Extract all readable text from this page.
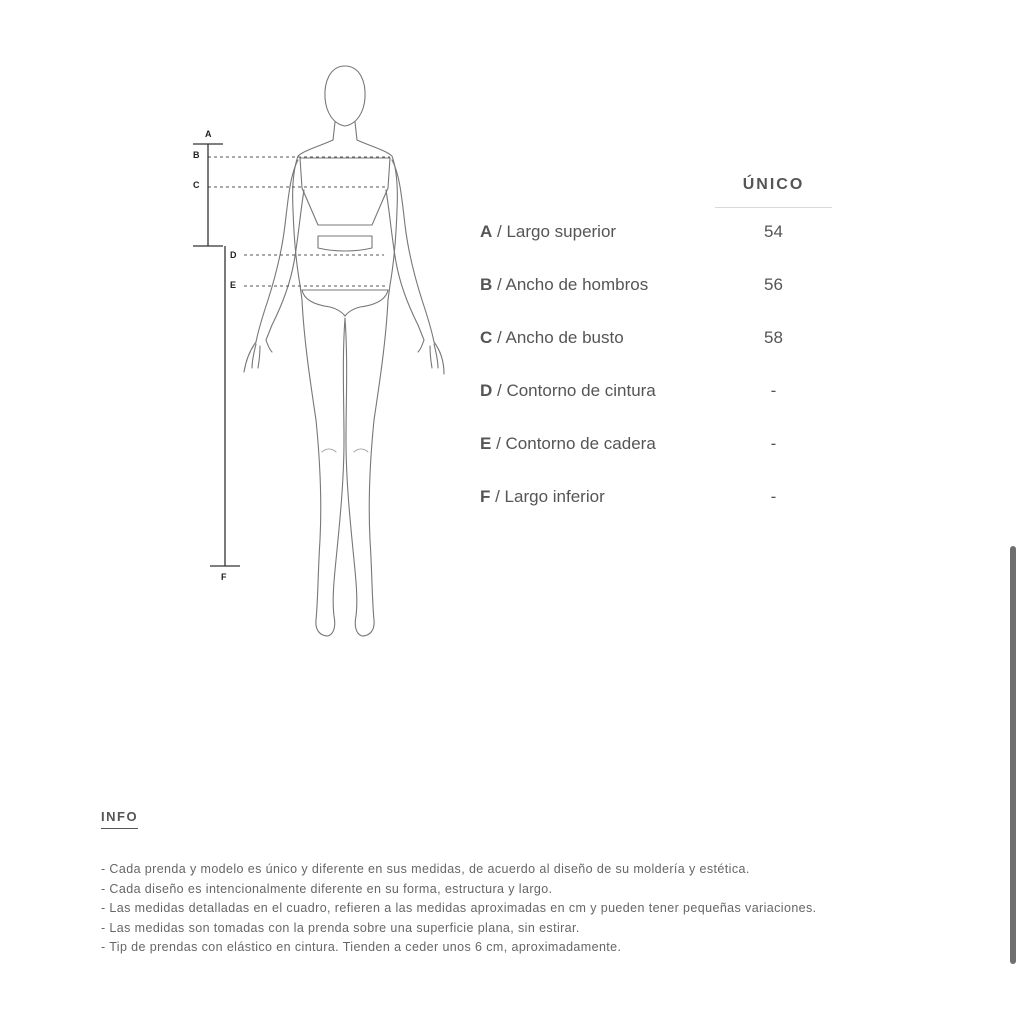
A
B
C
D
E
F
ÚNICO
A / Largo superior	54
B / Ancho de hombros	56
C / Ancho de busto	58
D / Contorno de cintura	-
E / Contorno de cadera	-
F / Largo inferior	-
INFO
- Cada prenda y modelo es único y diferente en sus medidas, de acuerdo al diseño de su moldería y estética.
- Cada diseño es intencionalmente diferente en su forma, estructura y largo.
- Las medidas detalladas en el cuadro, refieren a las medidas aproximadas en cm y pueden tener pequeñas variaciones.
- Las medidas son tomadas con la prenda sobre una superficie plana, sin estirar.
- Tip de prendas con elástico en cintura. Tienden a ceder unos 6 cm, aproximadamente.
